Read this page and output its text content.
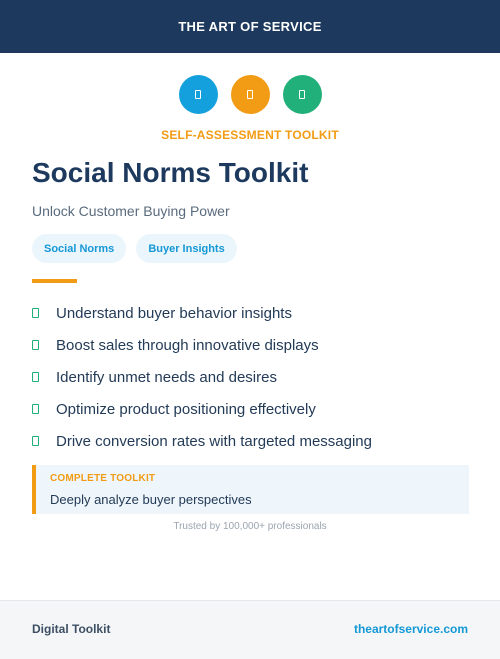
THE ART OF SERVICE
SELF-ASSESSMENT TOOLKIT
Social Norms Toolkit
Unlock Customer Buying Power
Social Norms	Buyer Insights
Understand buyer behavior insights
Boost sales through innovative displays
Identify unmet needs and desires
Optimize product positioning effectively
Drive conversion rates with targeted messaging
COMPLETE TOOLKIT
Deeply analyze buyer perspectives
Trusted by 100,000+ professionals
Digital Toolkit	theartofservice.com
